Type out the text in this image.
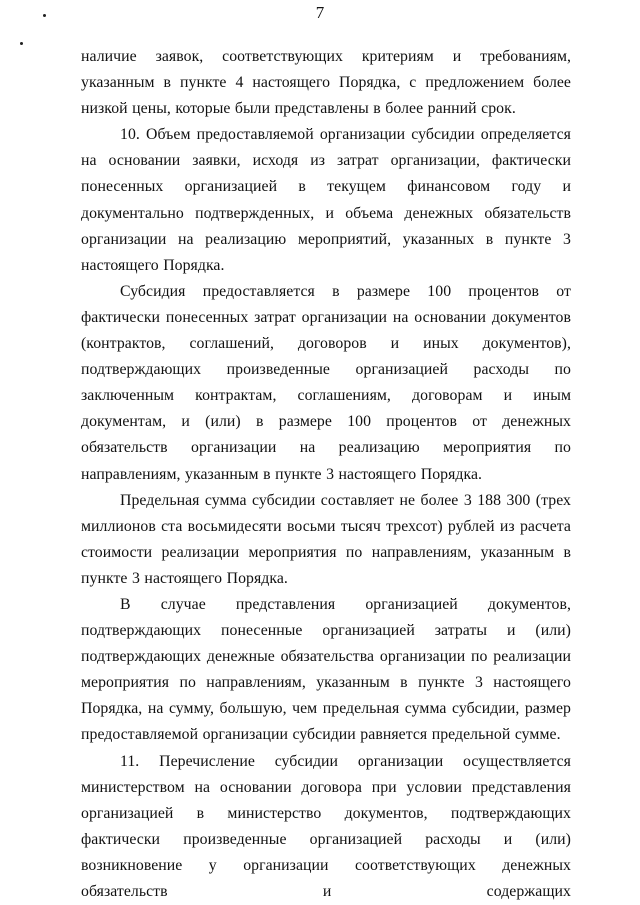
7

наличие заявок, соответствующих критериям и требованиям, указанным в пункте 4 настоящего Порядка, с предложением более низкой цены, которые были представлены в более ранний срок.

10. Объем предоставляемой организации субсидии определяется на основании заявки, исходя из затрат организации, фактически понесенных организацией в текущем финансовом году и документально подтвержденных, и объема денежных обязательств организации на реализацию мероприятий, указанных в пункте 3 настоящего Порядка.

Субсидия предоставляется в размере 100 процентов от фактически понесенных затрат организации на основании документов (контрактов, соглашений, договоров и иных документов), подтверждающих произведенные организацией расходы по заключенным контрактам, соглашениям, договорам и иным документам, и (или) в размере 100 процентов от денежных обязательств организации на реализацию мероприятия по направлениям, указанным в пункте 3 настоящего Порядка.

Предельная сумма субсидии составляет не более 3 188 300 (трех миллионов ста восьмидесяти восьми тысяч трехсот) рублей из расчета стоимости реализации мероприятия по направлениям, указанным в пункте 3 настоящего Порядка.

В случае представления организацией документов, подтверждающих понесенные организацией затраты и (или) подтверждающих денежные обязательства организации по реализации мероприятия по направлениям, указанным в пункте 3 настоящего Порядка, на сумму, большую, чем предельная сумма субсидии, размер предоставляемой организации субсидии равняется предельной сумме.

11. Перечисление субсидии организации осуществляется министерством на основании договора при условии представления организацией в министерство документов, подтверждающих фактически произведенные организацией расходы и (или) возникновение у организации соответствующих денежных обязательств и содержащих
